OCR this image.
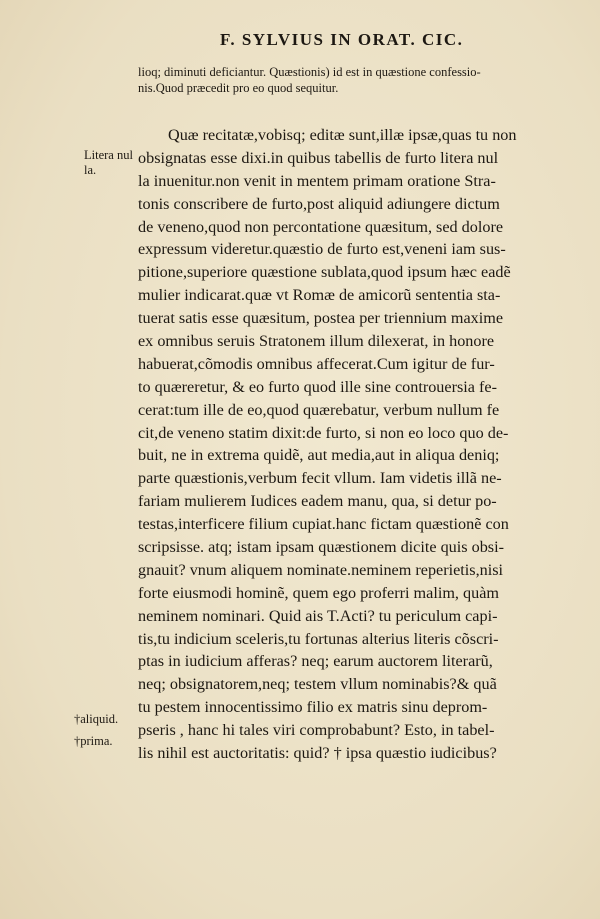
F. SYLVIUS IN ORAT. CIC.

lioq; diminuti deficiantur. Quæstionis) id est in quæstione confessio-

nis.Quod præcedit pro eo quod sequitur.

Litera nul
la.
†aliquid.
†prima.
Quæ recitatæ,vobisq; editæ sunt,illæ ipsæ,quas tu non
obsignatas esse dixi.in quibus tabellis de furto litera nul
la inuenitur.non venit in mentem primam oratione Stra-
tonis conscribere de furto,post aliquid adiungere dictum
de veneno,quod non percontatione quæsitum, sed dolore
expressum videretur.quæstio de furto est,veneni iam sus-
pitione,superiore quæstione sublata,quod ipsum hæc eadẽ
mulier indicarat.quæ vt Romæ de amicorũ sententia sta-
tuerat satis esse quæsitum, postea per triennium maxime
ex omnibus seruis Stratonem illum dilexerat, in honore
habuerat,cõmodis omnibus affecerat.Cum igitur de fur-
to quæreretur, & eo furto quod ille sine controuersia fe-
cerat:tum ille de eo,quod quærebatur, verbum nullum fe
cit,de veneno statim dixit:de furto, si non eo loco quo de-
buit, ne in extrema quidẽ, aut media,aut in aliqua deniq;
parte quæstionis,verbum fecit vllum. Iam videtis illã ne-
fariam mulierem Iudices eadem manu, qua, si detur po-
testas,interficere filium cupiat.hanc fictam quæstionẽ con
scripsisse. atq; istam ipsam quæstionem dicite quis obsi-
gnauit? vnum aliquem nominate.neminem reperietis,nisi
forte eiusmodi hominẽ, quem ego proferri malim, quàm
neminem nominari. Quid ais T.Acti? tu periculum capi-
tis,tu indicium sceleris,tu fortunas alterius literis cõscri-
ptas in iudicium afferas? neq; earum auctorem literarũ,
neq; obsignatorem,neq; testem vllum nominabis?& quã
tu pestem innocentissimo filio ex matris sinu deprom-
pseris , hanc hi tales viri comprobabunt? Esto, in tabel-
lis nihil est auctoritatis: quid? † ipsa quæstio iudicibus?
